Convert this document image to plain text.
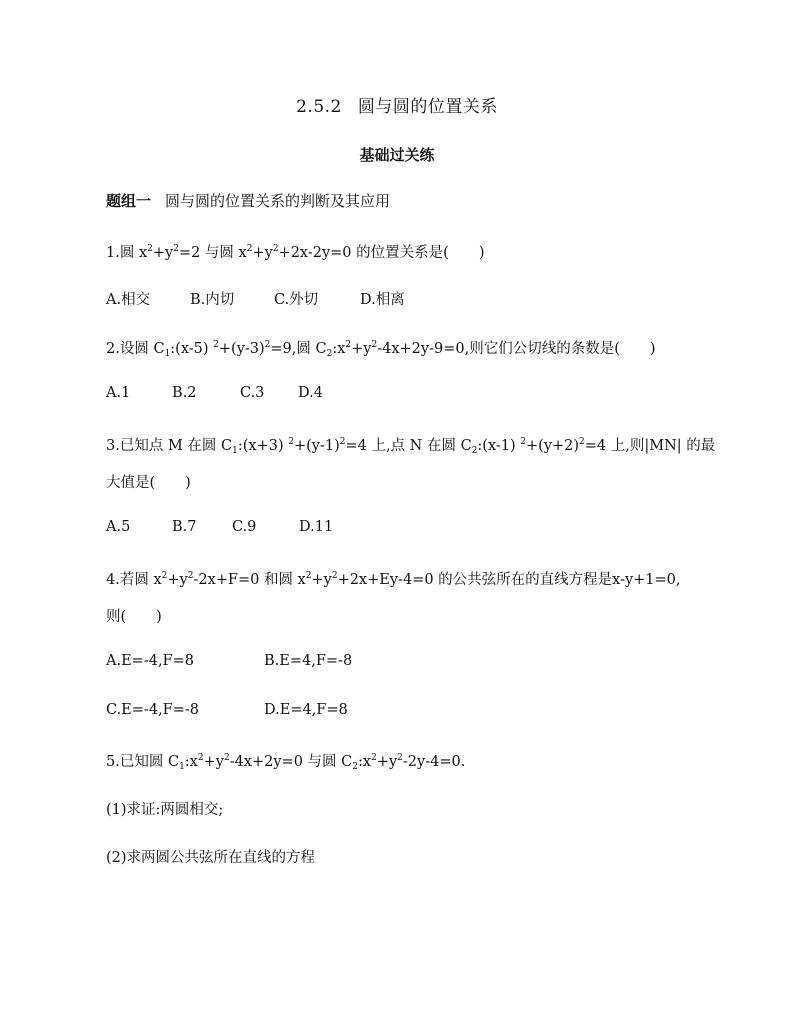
2.5.2 圆与圆的位置关系
基础过关练
题组一 圆与圆的位置关系的判断及其应用
1.圆 $x^2+y^2=2$ 与圆 $x^2+y^2+2x-2y=0$ 的位置关系是( )
A.相交	B.内切	C.外切	D.相离
2.设圆 $C_1:(x-5)$ $^2+(y-3)^2=9$,圆 $C_2:x^2+y^2-4x+2y-9=0$,则它们公切线的条数是( )
A.1	B.2	C.3 D.4
3.已知点 M 在圆 $C_1:(x+3)$ $^2+(y-1)^2=4$ 上,点 N 在圆 $C_2:(x-1)$ $^2+(y+2)^2=4$ 上,则|MN| 的最
大值是( )
A.5	B.7 C.9	D.11
4.若圆 $x^2+y^2-2x+F=0$ 和圆 $x^2+y^2+2x+Ey-4=0$ 的公共弦所在的直线方程是x-y+1=0,
则( )
A.E=-4,F=8	B.E=4,F=-8
C.E=-4,F=-8	D.E=4,F=8
5.已知圆 $C_1:x^2+y^2-4x+2y=0$ 与圆 $C_2:x^2+y^2-2y-4=0$.
(1)求证:两圆相交;
(2)求两圆公共弦所在直线的方程
